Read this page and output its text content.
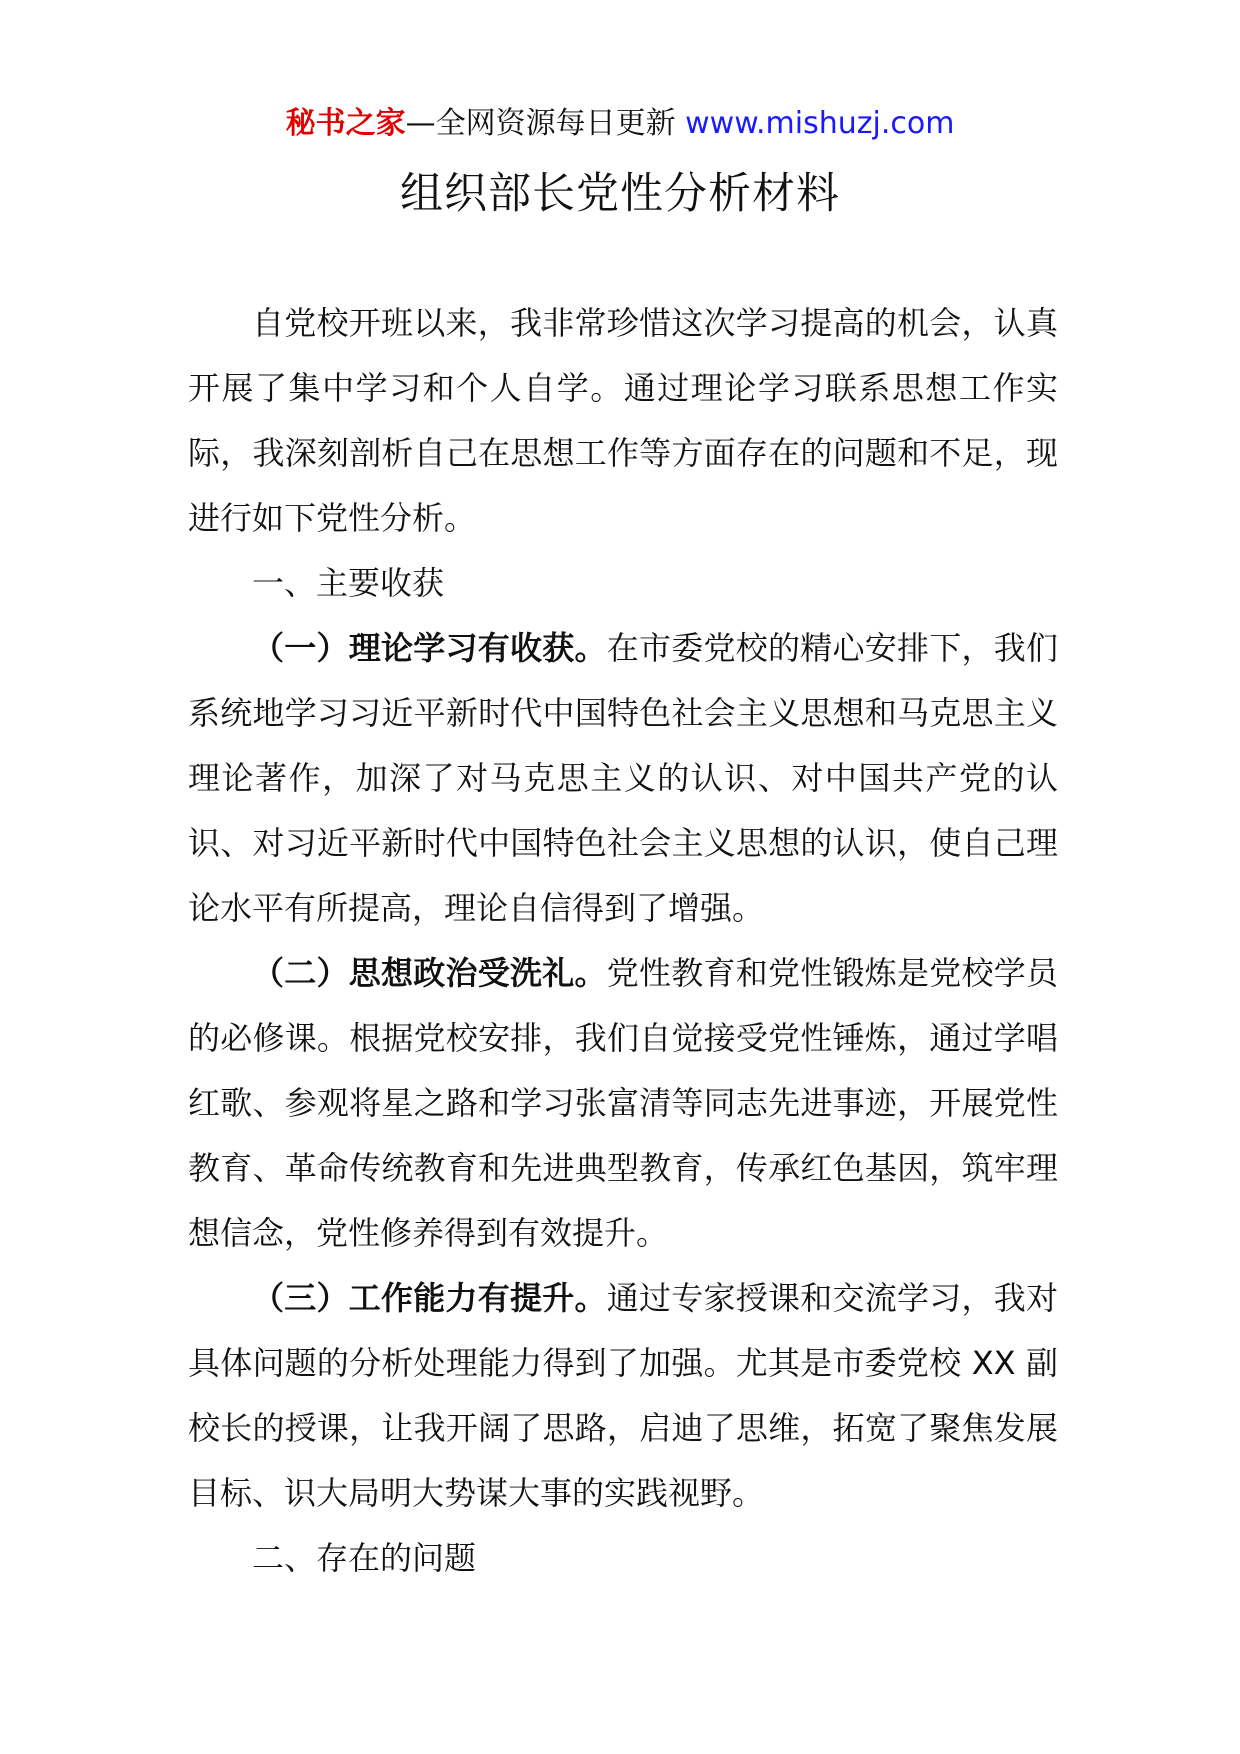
秘书之家—全网资源每日更新 www.mishuzj.com
组织部长党性分析材料

自党校开班以来，我非常珍惜这次学习提高的机会，认真开展了集中学习和个人自学。通过理论学习联系思想工作实际，我深刻剖析自己在思想工作等方面存在的问题和不足，现进行如下党性分析。

一、主要收获

（一）理论学习有收获。在市委党校的精心安排下，我们系统地学习习近平新时代中国特色社会主义思想和马克思主义理论著作，加深了对马克思主义的认识、对中国共产党的认识、对习近平新时代中国特色社会主义思想的认识，使自己理论水平有所提高，理论自信得到了增强。

（二）思想政治受洗礼。党性教育和党性锻炼是党校学员的必修课。根据党校安排，我们自觉接受党性锤炼，通过学唱红歌、参观将星之路和学习张富清等同志先进事迹，开展党性教育、革命传统教育和先进典型教育，传承红色基因，筑牢理想信念，党性修养得到有效提升。

（三）工作能力有提升。通过专家授课和交流学习，我对具体问题的分析处理能力得到了加强。尤其是市委党校 XX 副校长的授课，让我开阔了思路，启迪了思维，拓宽了聚焦发展目标、识大局明大势谋大事的实践视野。

二、存在的问题
